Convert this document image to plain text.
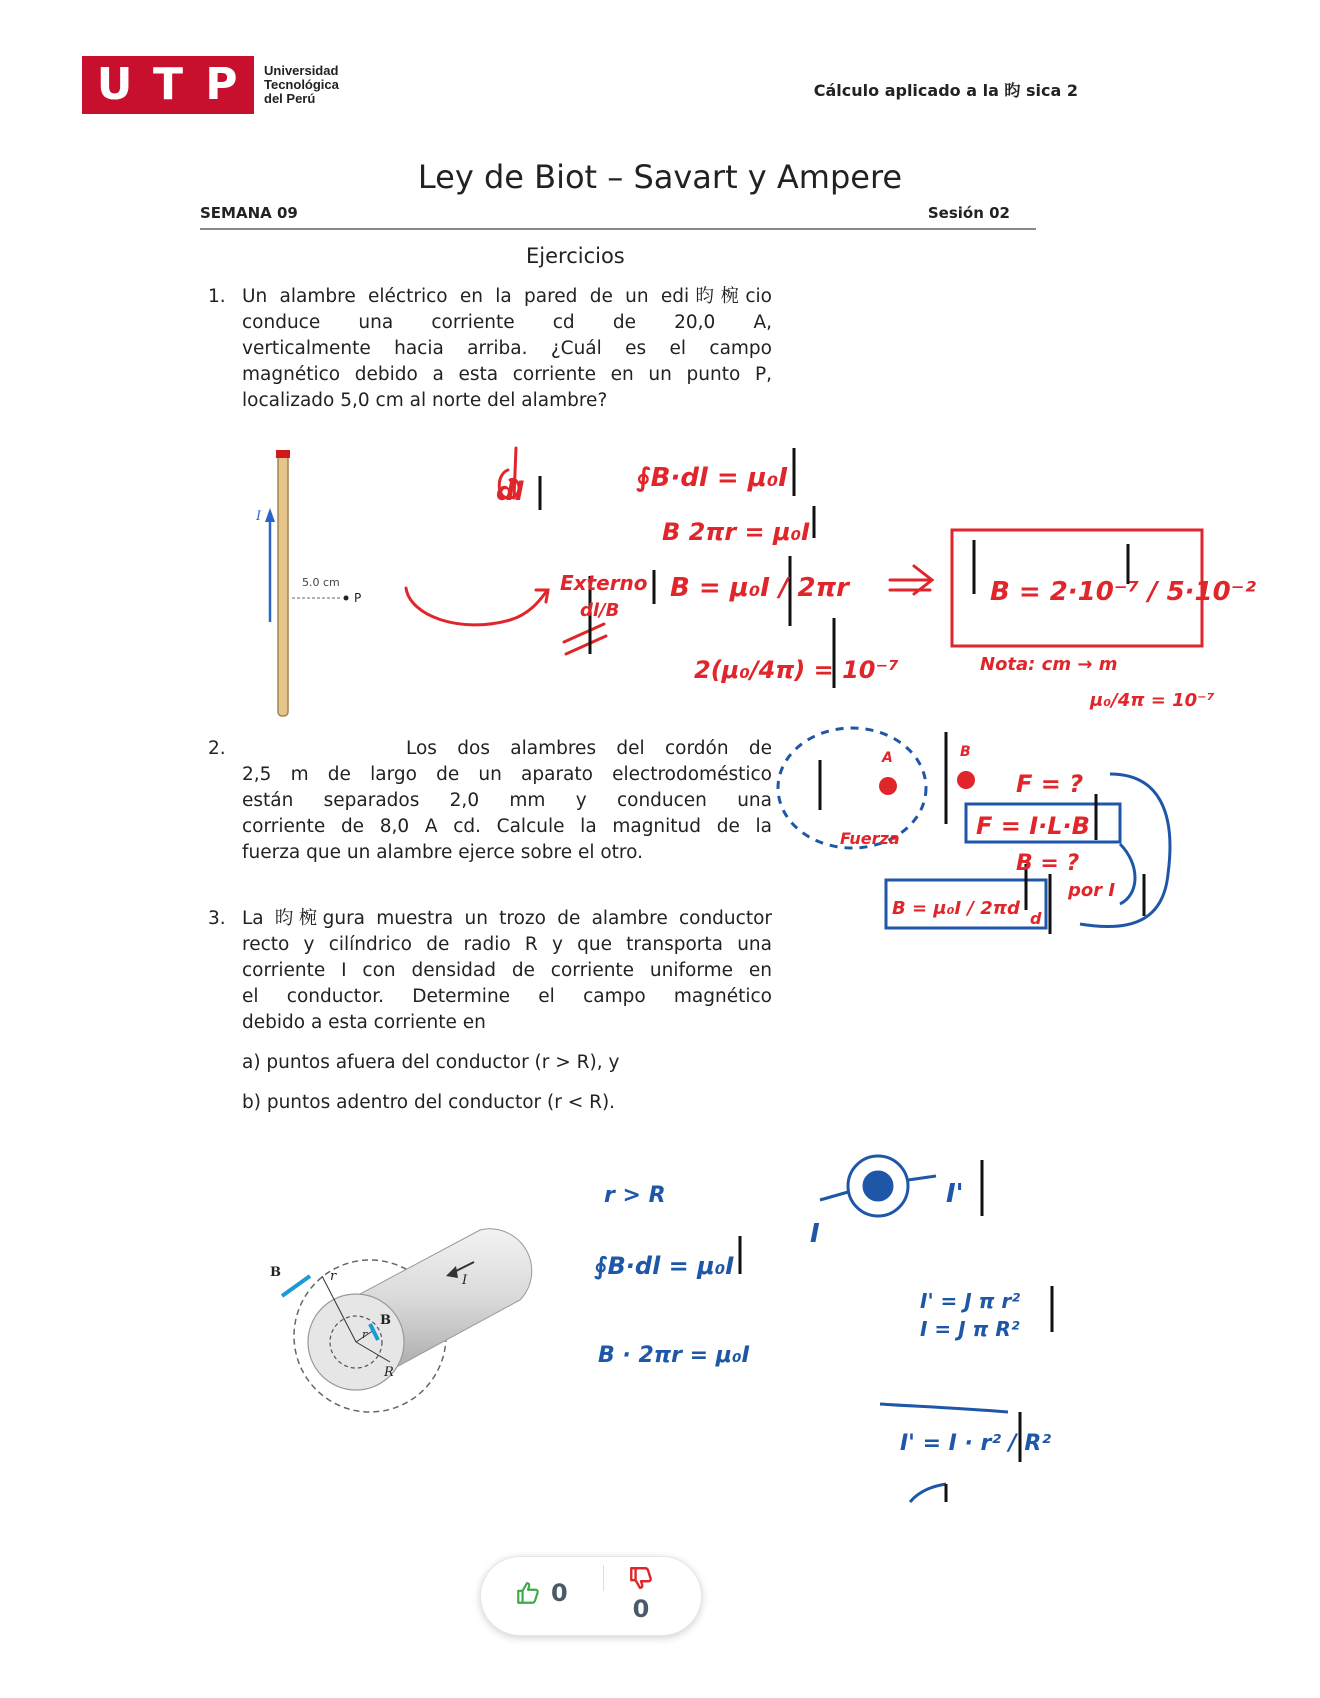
U T P	Universidad
Tecnológica
del Perú	Cálculo aplicado a la 昀 sica 2
Ley de Biot – Savart y Ampere
SEMANA 09	Sesión 02
Ejercicios
1. Un alambre eléctrico en la pared de un edi昀椀cio
conduce una corriente cd de 20,0 A,
verticalmente hacia arriba. ¿Cuál es el campo
magnético debido a esta corriente en un punto P,
localizado 5,0 cm al norte del alambre?
I
5.0 cm
P
dl
dl/B
Externo
∮B·dl = μ₀I
B 2πr = μ₀I
B = μ₀I / 2πr
2(μ₀/4π) = 10⁻⁷
B = 2·10⁻⁷ / 5·10⁻²
Nota: cm → m
μ₀/4π = 10⁻⁷
2.	Los dos alambres del cordón de
2,5 m de largo de un aparato electrodoméstico
están separados 2,0 mm y conducen una
corriente de 8,0 A cd. Calcule la magnitud de la
fuerza que un alambre ejerce sobre el otro.
A	B
Fuerza
F = ?
F = I·L·B
B = ?
B = μ₀I / 2πd
por I
d
3. La 昀椀gura muestra un trozo de alambre conductor
recto y cilíndrico de radio R y que transporta una
corriente I con densidad de corriente uniforme en
el conductor. Determine el campo magnético
debido a esta corriente en
a) puntos afuera del conductor (r > R), y
b) puntos adentro del conductor (r < R).
B	r
B
r
R
I
r > R
∮B·dl = μ₀I
B · 2πr = μ₀I
I
I'
I' = J π r²
I = J π R²
I' = I · r² / R²
0
0
